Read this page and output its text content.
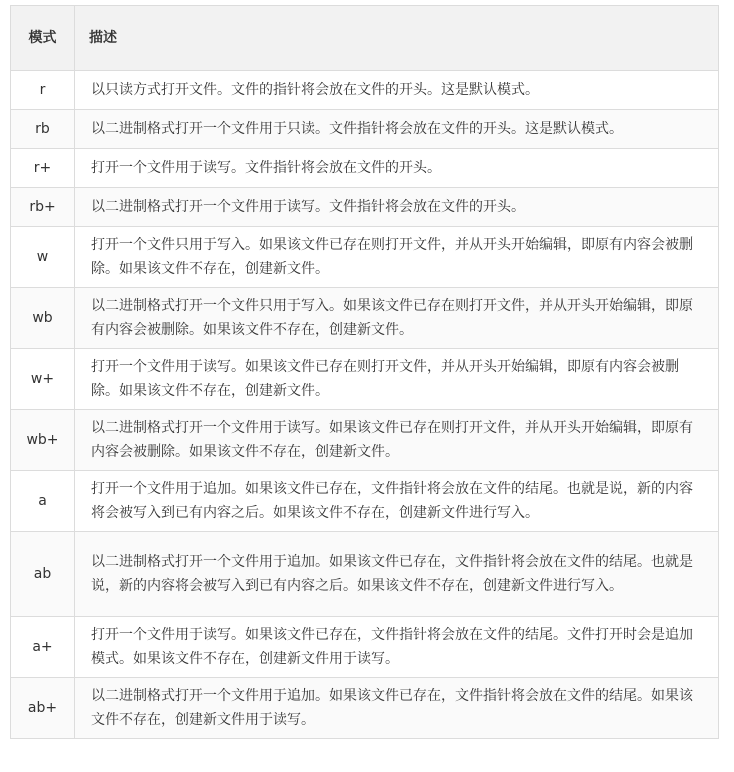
模式	描述
r	以只读方式打开文件。文件的指针将会放在文件的开头。这是默认模式。
rb	以二进制格式打开一个文件用于只读。文件指针将会放在文件的开头。这是默认模式。
r+	打开一个文件用于读写。文件指针将会放在文件的开头。
rb+	以二进制格式打开一个文件用于读写。文件指针将会放在文件的开头。
w	打开一个文件只用于写入。如果该文件已存在则打开文件，并从开头开始编辑，即原有内容会被删除。如果该文件不存在，创建新文件。
wb	以二进制格式打开一个文件只用于写入。如果该文件已存在则打开文件，并从开头开始编辑，即原有内容会被删除。如果该文件不存在，创建新文件。
w+	打开一个文件用于读写。如果该文件已存在则打开文件，并从开头开始编辑，即原有内容会被删除。如果该文件不存在，创建新文件。
wb+	以二进制格式打开一个文件用于读写。如果该文件已存在则打开文件，并从开头开始编辑，即原有内容会被删除。如果该文件不存在，创建新文件。
a	打开一个文件用于追加。如果该文件已存在，文件指针将会放在文件的结尾。也就是说，新的内容将会被写入到已有内容之后。如果该文件不存在，创建新文件进行写入。
ab	以二进制格式打开一个文件用于追加。如果该文件已存在，文件指针将会放在文件的结尾。也就是说，新的内容将会被写入到已有内容之后。如果该文件不存在，创建新文件进行写入。
a+	打开一个文件用于读写。如果该文件已存在，文件指针将会放在文件的结尾。文件打开时会是追加模式。如果该文件不存在，创建新文件用于读写。
ab+	以二进制格式打开一个文件用于追加。如果该文件已存在，文件指针将会放在文件的结尾。如果该文件不存在，创建新文件用于读写。
